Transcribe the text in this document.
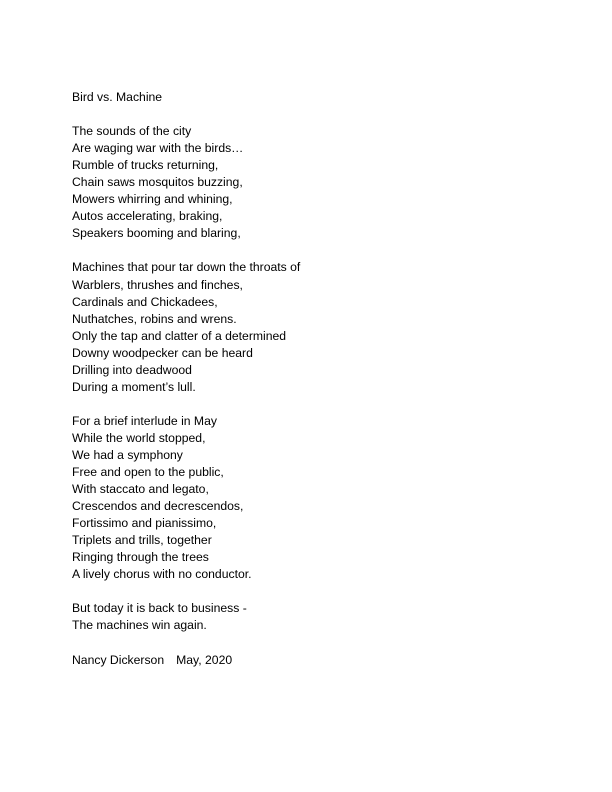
Bird vs. Machine
The sounds of the city
Are waging war with the birds…
Rumble of trucks returning,
Chain saws mosquitos buzzing,
Mowers whirring and whining,
Autos accelerating, braking,
Speakers booming and blaring,
Machines that pour tar down the throats of
Warblers, thrushes and finches,
Cardinals and Chickadees,
Nuthatches, robins and wrens.
Only the tap and clatter of a determined
Downy woodpecker can be heard
Drilling into deadwood
During a moment’s lull.
For a brief interlude in May
While the world stopped,
We had a symphony
Free and open to the public,
With staccato and legato,
Crescendos and decrescendos,
Fortissimo and pianissimo,
Triplets and trills, together
Ringing through the trees
A lively chorus with no conductor.
But today it is back to business -
The machines win again.
Nancy Dickerson May, 2020
